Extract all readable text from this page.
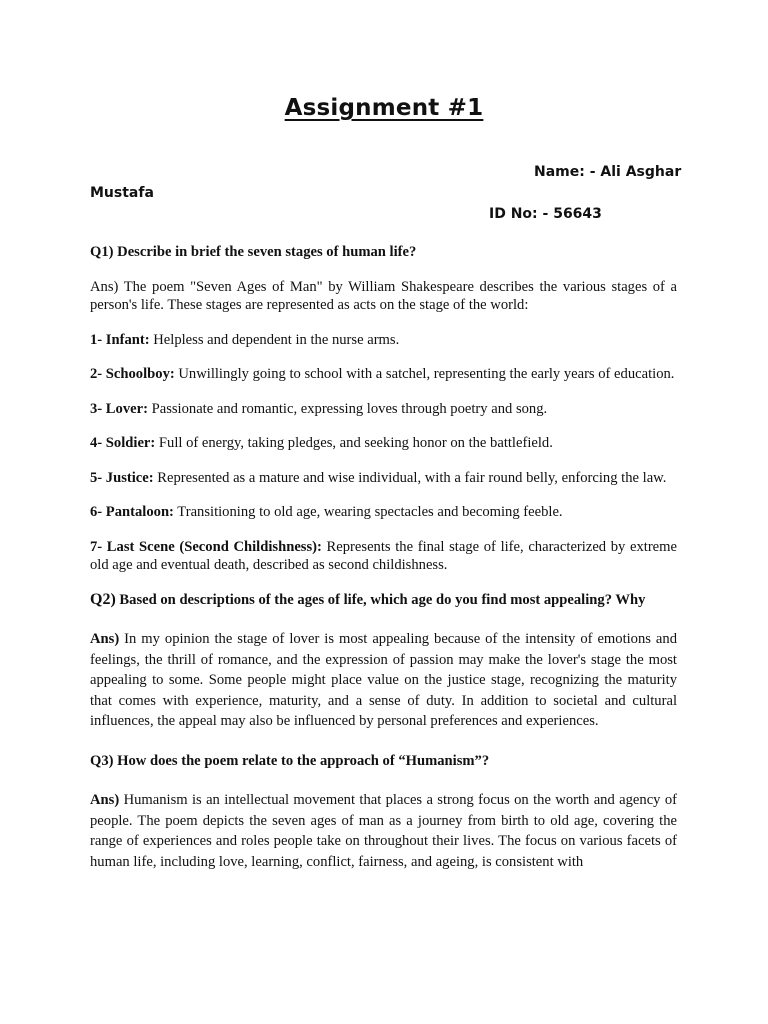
Assignment #1
Name: - Ali Asghar
Mustafa
ID No: - 56643

Q1) Describe in brief the seven stages of human life?

Ans) The poem "Seven Ages of Man" by William Shakespeare describes the various stages of a person's life. These stages are represented as acts on the stage of the world:

1- Infant: Helpless and dependent in the nurse arms.

2- Schoolboy: Unwillingly going to school with a satchel, representing the early years of education.

3- Lover: Passionate and romantic, expressing loves through poetry and song.

4- Soldier: Full of energy, taking pledges, and seeking honor on the battlefield.

5- Justice: Represented as a mature and wise individual, with a fair round belly, enforcing the law.

6- Pantaloon: Transitioning to old age, wearing spectacles and becoming feeble.

7- Last Scene (Second Childishness): Represents the final stage of life, characterized by extreme old age and eventual death, described as second childishness.

Q2) Based on descriptions of the ages of life, which age do you find most appealing? Why

Ans) In my opinion the stage of lover is most appealing because of the intensity of emotions and feelings, the thrill of romance, and the expression of passion may make the lover's stage the most appealing to some. Some people might place value on the justice stage, recognizing the maturity that comes with experience, maturity, and a sense of duty. In addition to societal and cultural influences, the appeal may also be influenced by personal preferences and experiences.

Q3) How does the poem relate to the approach of “Humanism”?

Ans) Humanism is an intellectual movement that places a strong focus on the worth and agency of people. The poem depicts the seven ages of man as a journey from birth to old age, covering the range of experiences and roles people take on throughout their lives. The focus on various facets of human life, including love, learning, conflict, fairness, and ageing, is consistent with
